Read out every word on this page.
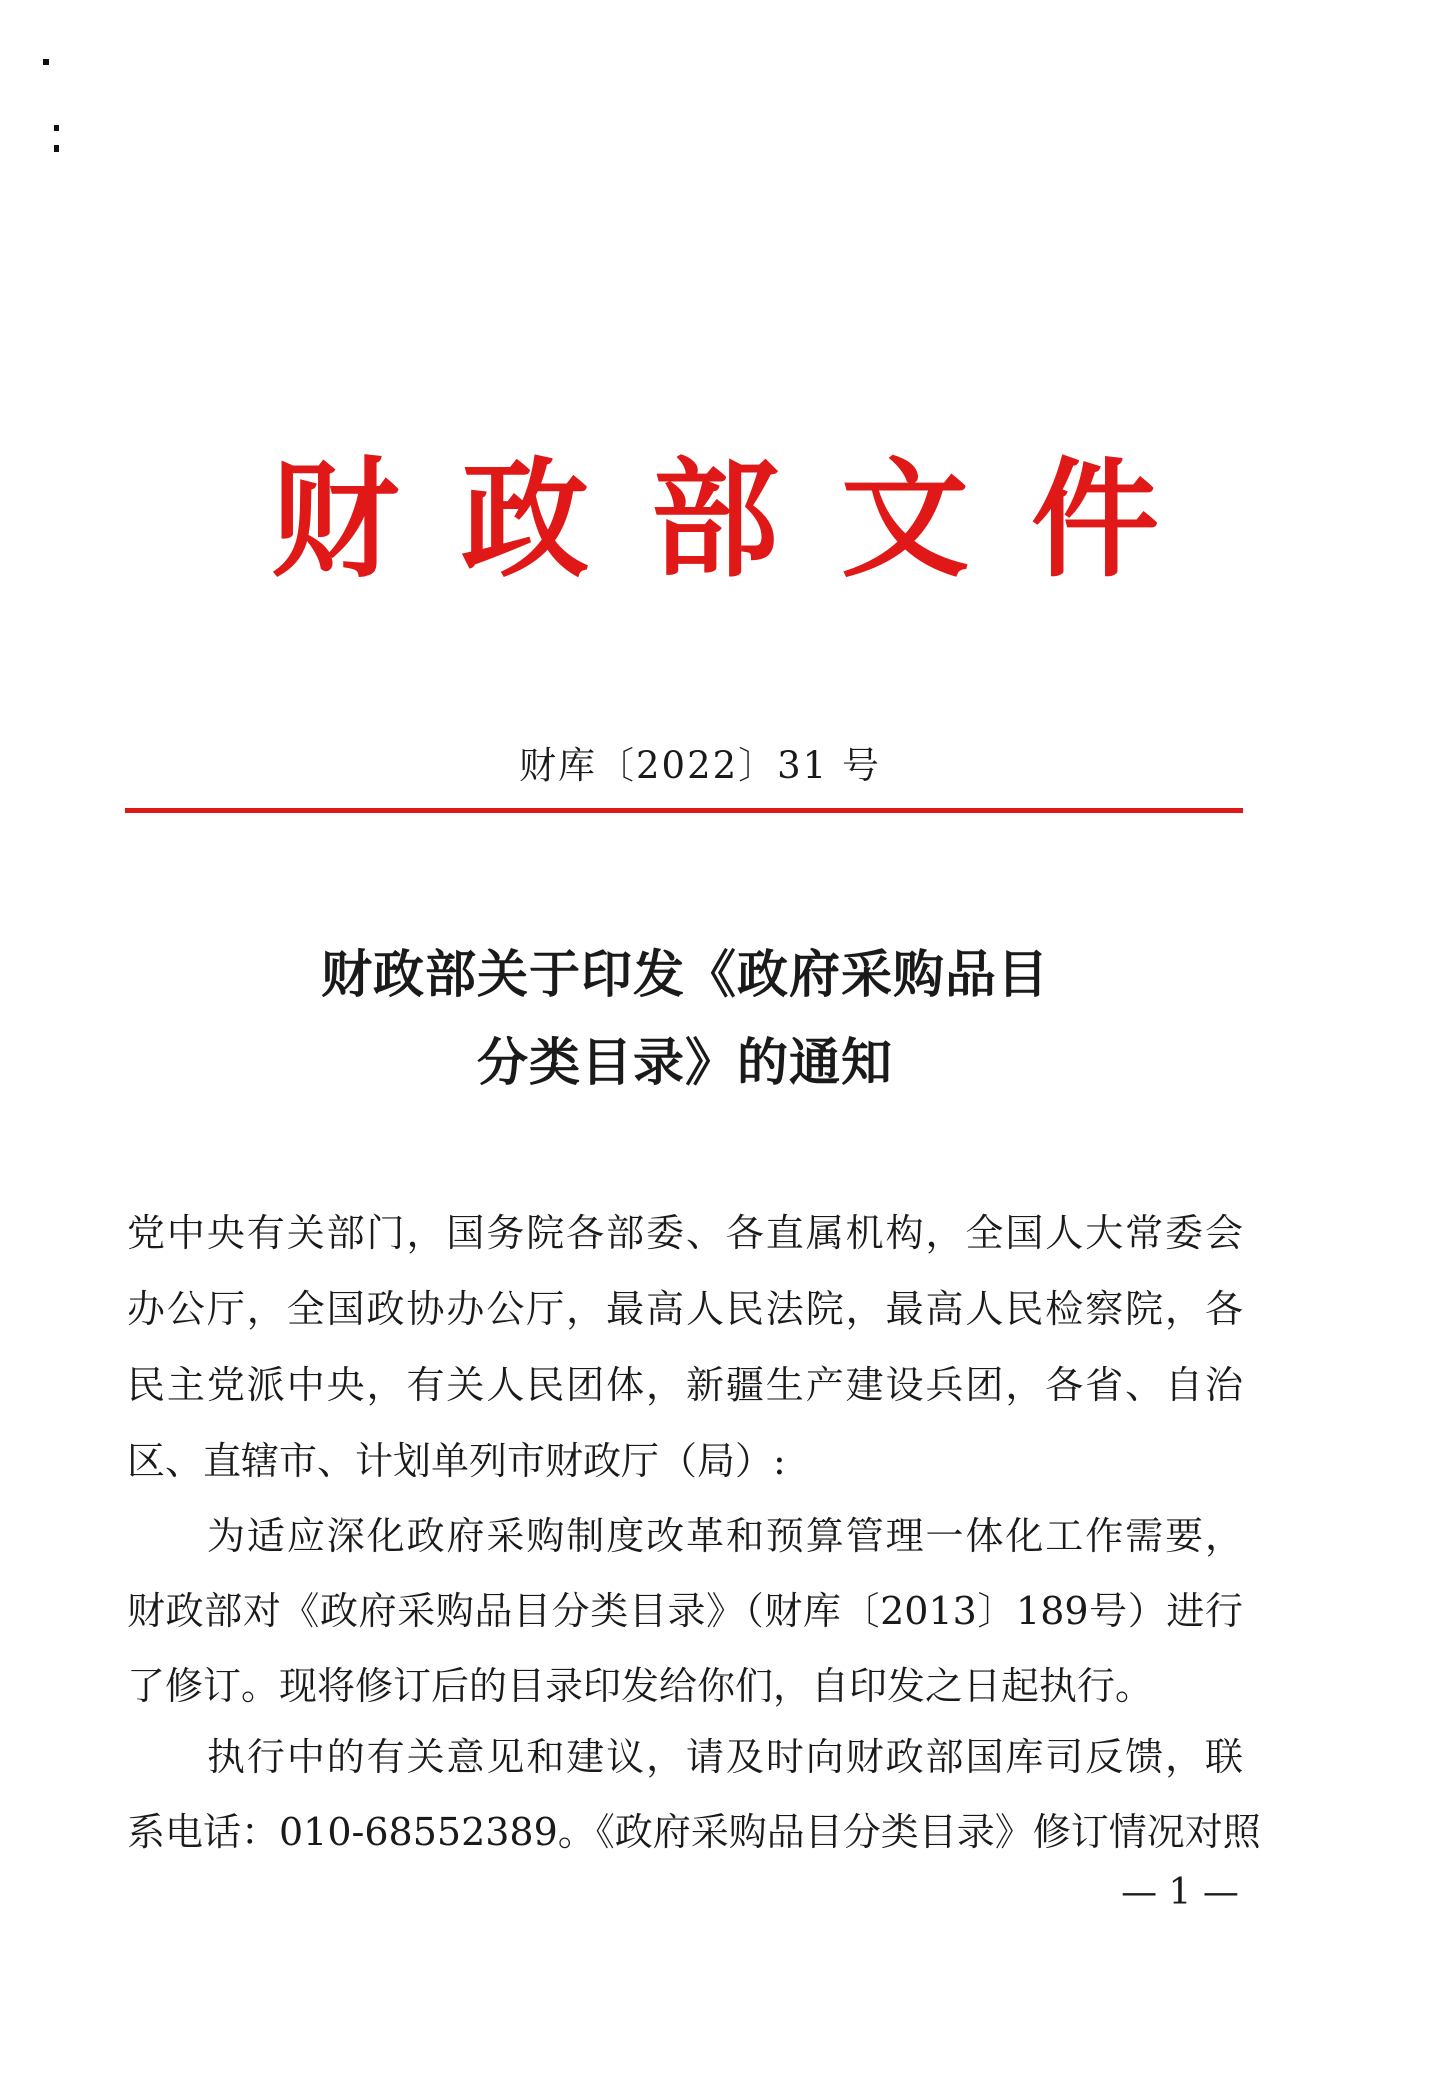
财政部文件
财库〔2022〕31 号
财政部关于印发《政府采购品目
分类目录》的通知
党中央有关部门，国务院各部委、各直属机构，全国人大常委会
办公厅，全国政协办公厅，最高人民法院，最高人民检察院，各
民主党派中央，有关人民团体，新疆生产建设兵团，各省、自治
区、直辖市、计划单列市财政厅（局）:
为适应深化政府采购制度改革和预算管理一体化工作需要，
财政部对《政府采购品目分类目录》（财库〔2013〕189号）进行
了修订。现将修订后的目录印发给你们，自印发之日起执行。
执行中的有关意见和建议，请及时向财政部国库司反馈，联
系电话：010-68552389。《政府采购品目分类目录》修订情况对照
— 1 —
